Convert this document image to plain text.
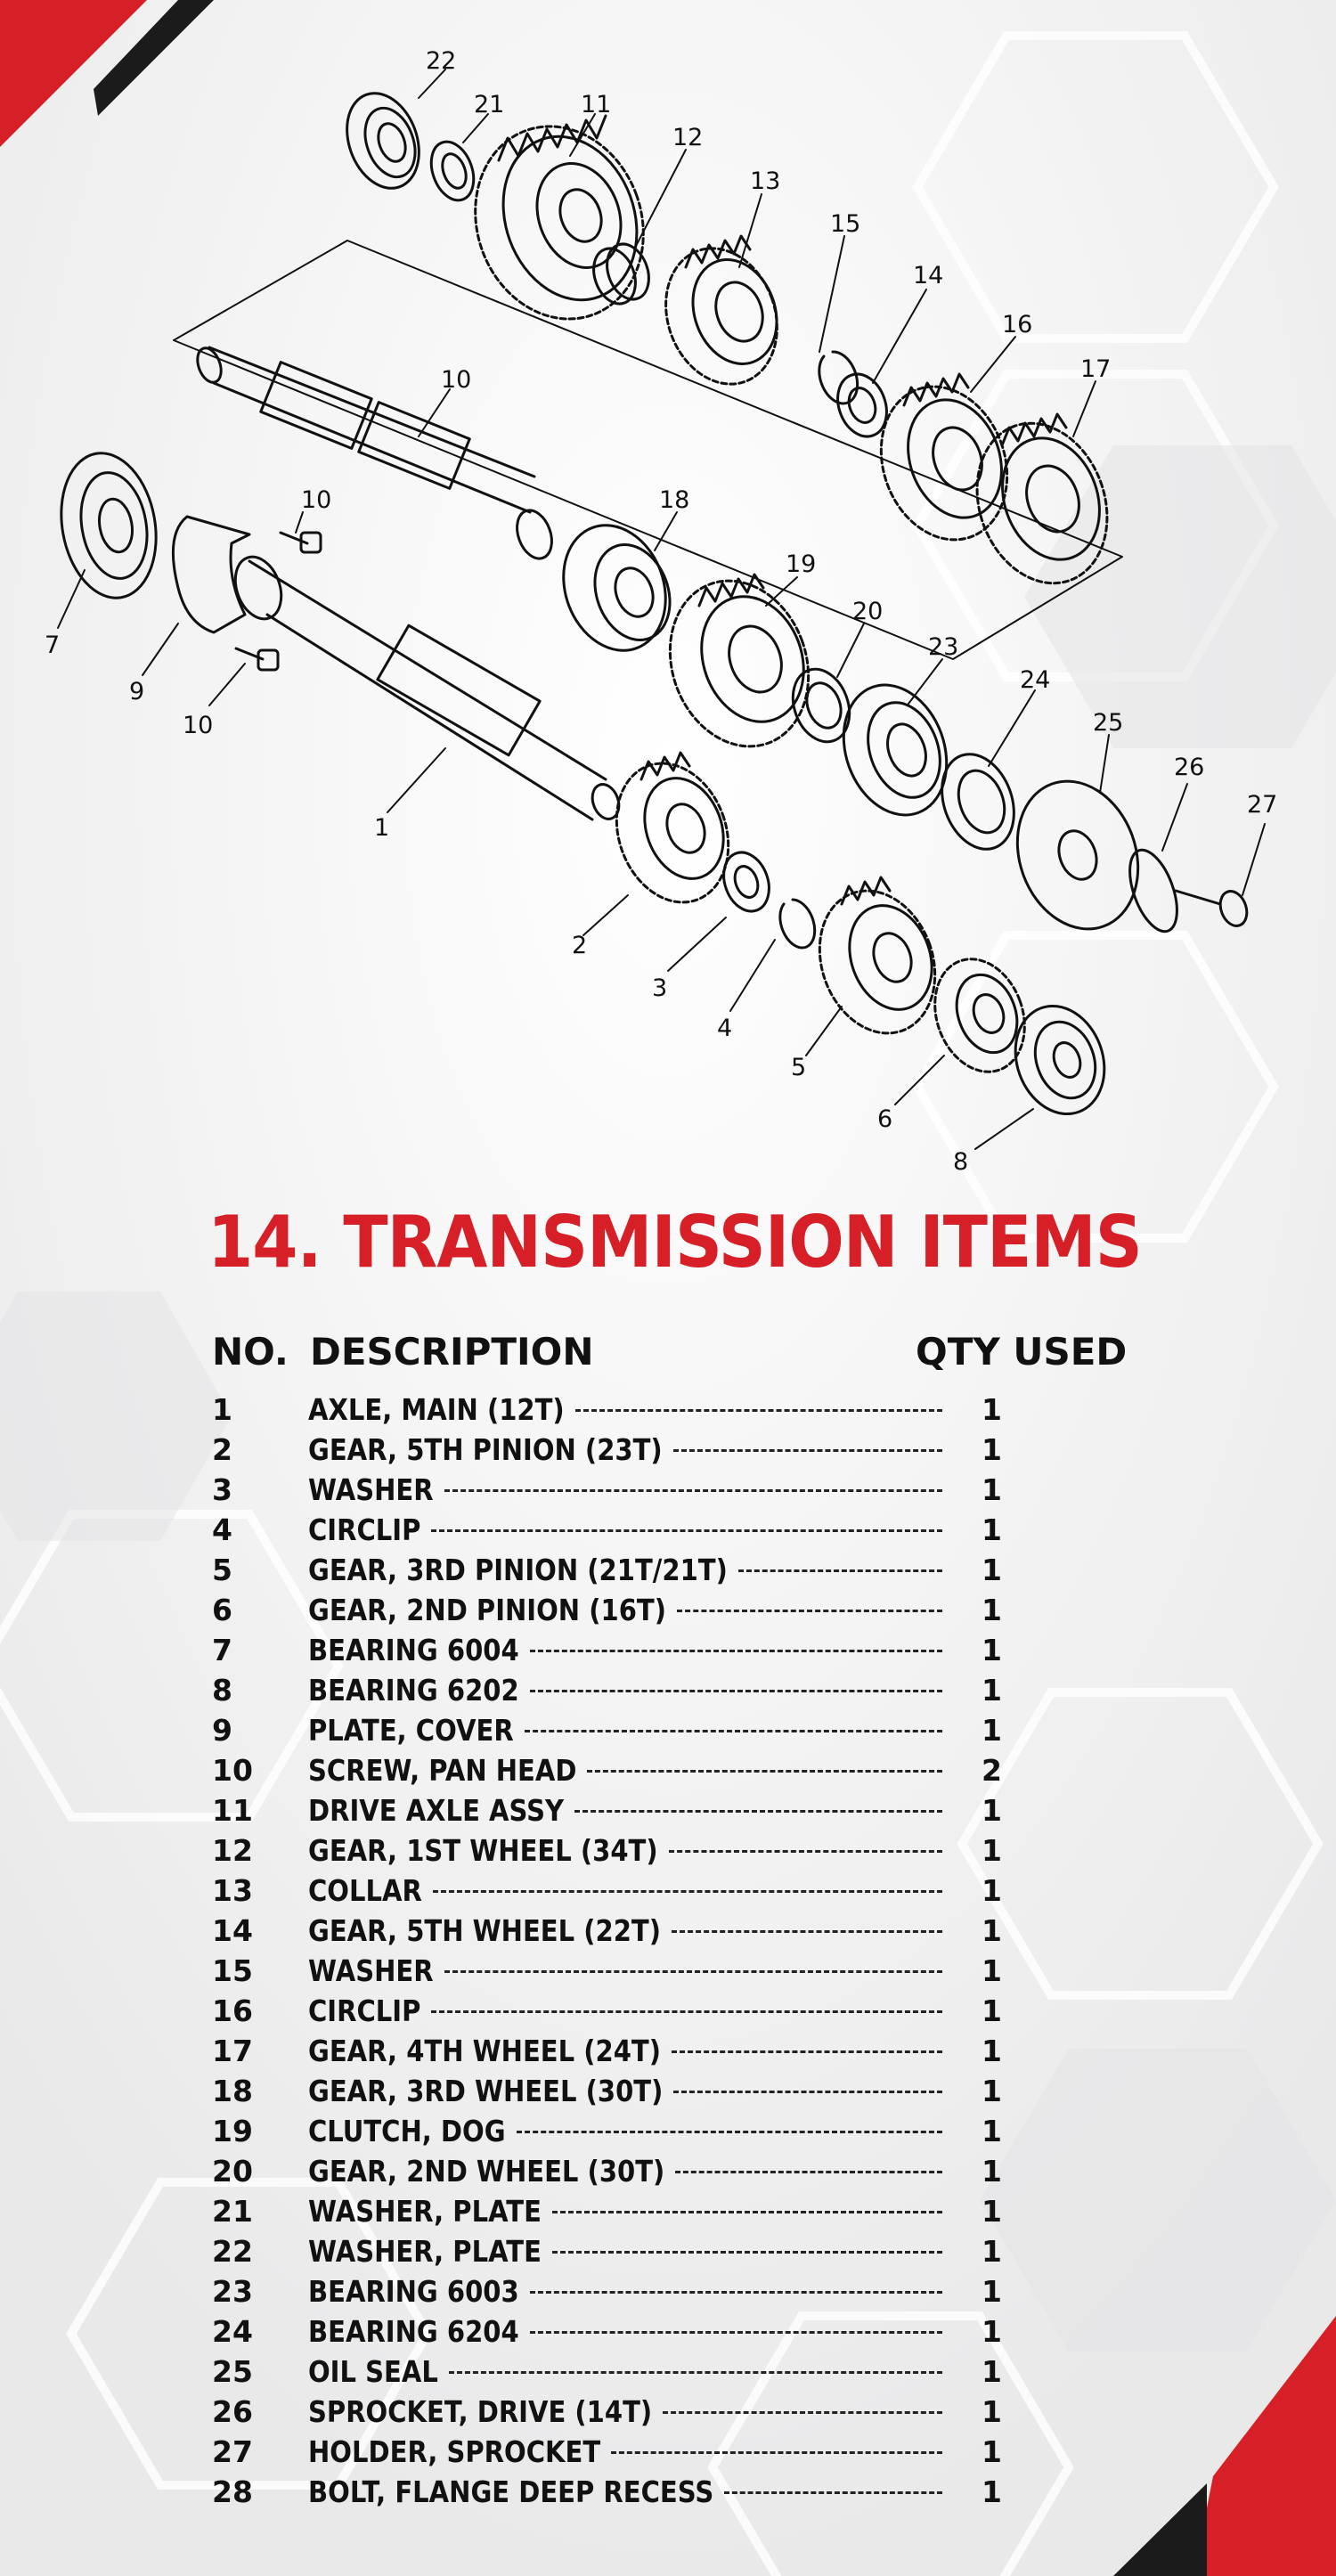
22
21	11
12
13
15
14
16
17
10
10	18
19
20
23
24
25
26
27
7
9
10
1
2
3
4
5
6
8
14. TRANSMISSION ITEMS
NO. DESCRIPTION	QTY USED
1	AXLE, MAIN (12T)	1
2	GEAR, 5TH PINION (23T)	1
3	WASHER	1
4	CIRCLIP	1
5	GEAR, 3RD PINION (21T/21T)	1
6	GEAR, 2ND PINION (16T)	1
7	BEARING 6004	1
8	BEARING 6202	1
9	PLATE, COVER	1
10 SCREW, PAN HEAD	2
11 DRIVE AXLE ASSY	1
12 GEAR, 1ST WHEEL (34T)	1
13 COLLAR	1
14 GEAR, 5TH WHEEL (22T)	1
15 WASHER	1
16 CIRCLIP	1
17 GEAR, 4TH WHEEL (24T)	1
18 GEAR, 3RD WHEEL (30T)	1
19 CLUTCH, DOG	1
20 GEAR, 2ND WHEEL (30T)	1
21 WASHER, PLATE	1
22 WASHER, PLATE	1
23 BEARING 6003	1
24 BEARING 6204	1
25 OIL SEAL	1
26 SPROCKET, DRIVE (14T)	1
27 HOLDER, SPROCKET	1
28 BOLT, FLANGE DEEP RECESS	1
